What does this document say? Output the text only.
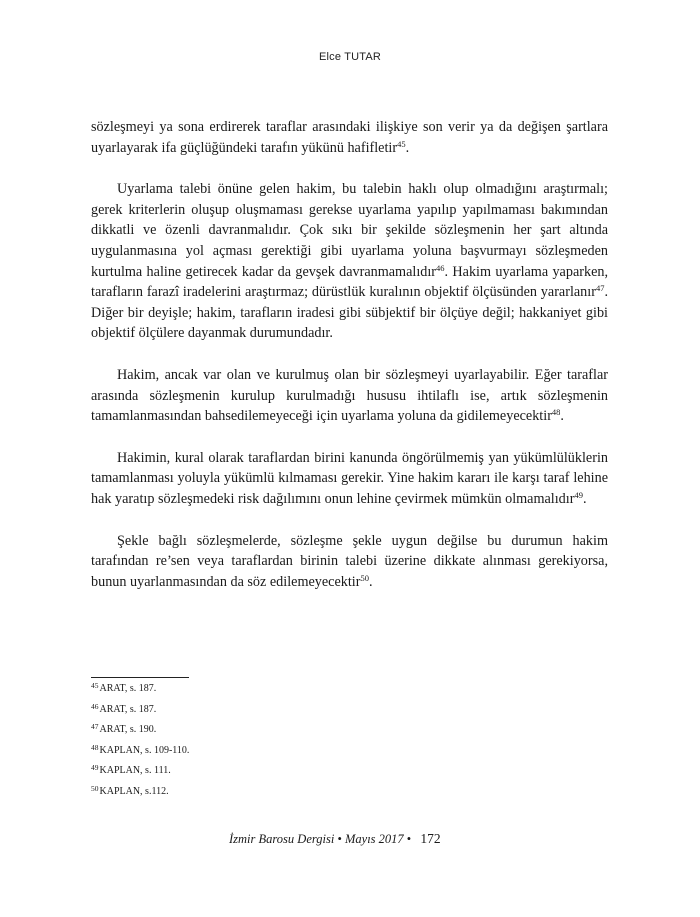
Elce TUTAR

sözleşmeyi ya sona erdirerek taraflar arasındaki ilişkiye son verir ya da değişen şartlara uyarlayarak ifa güçlüğündeki tarafın yükünü hafifletir$^{45}$.

Uyarlama talebi önüne gelen hakim, bu talebin haklı olup olmadığını araştırmalı; gerek kriterlerin oluşup oluşmaması gerekse uyarlama yapılıp yapılmaması bakımından dikkatli ve özenli davranmalıdır. Çok sıkı bir şekilde sözleşmenin her şart altında uygulanmasına yol açması gerektiği gibi uyarlama yoluna başvurmayı sözleşmeden kurtulma haline getirecek kadar da gevşek davranmamalıdır$^{46}$. Hakim uyarlama yaparken, tarafların farazî iradelerini araştırmaz; dürüstlük kuralının objektif ölçüsünden yararlanır$^{47}$. Diğer bir deyişle; hakim, tarafların iradesi gibi sübjektif bir ölçüye değil; hakkaniyet gibi objektif ölçülere dayanmak durumundadır.

Hakim, ancak var olan ve kurulmuş olan bir sözleşmeyi uyarlayabilir. Eğer taraflar arasında sözleşmenin kurulup kurulmadığı hususu ihtilaflı ise, artık sözleşmenin tamamlanmasından bahsedilemeyeceği için uyarlama yoluna da gidilemeyecektir$^{48}$.

Hakimin, kural olarak taraflardan birini kanunda öngörülmemiş yan yükümlülüklerin tamamlanması yoluyla yükümlü kılmaması gerekir. Yine hakim kararı ile karşı taraf lehine hak yaratıp sözleşmedeki risk dağılımını onun lehine çevirmek mümkün olmamalıdır$^{49}$.

Şekle bağlı sözleşmelerde, sözleşme şekle uygun değilse bu durumun hakim tarafından re’sen veya taraflardan birinin talebi üzerine dikkate alınması gerekiyorsa, bunun uyarlanmasından da söz edilemeyecektir$^{50}$.

$^{45}$ARAT, s. 187.

$^{46}$ARAT, s. 187.

$^{47}$ARAT, s. 190.

$^{48}$KAPLAN, s. 109-110.

$^{49}$KAPLAN, s. 111.

$^{50}$KAPLAN, s.112.

İzmir Barosu Dergisi • Mayıs 2017 • 172
